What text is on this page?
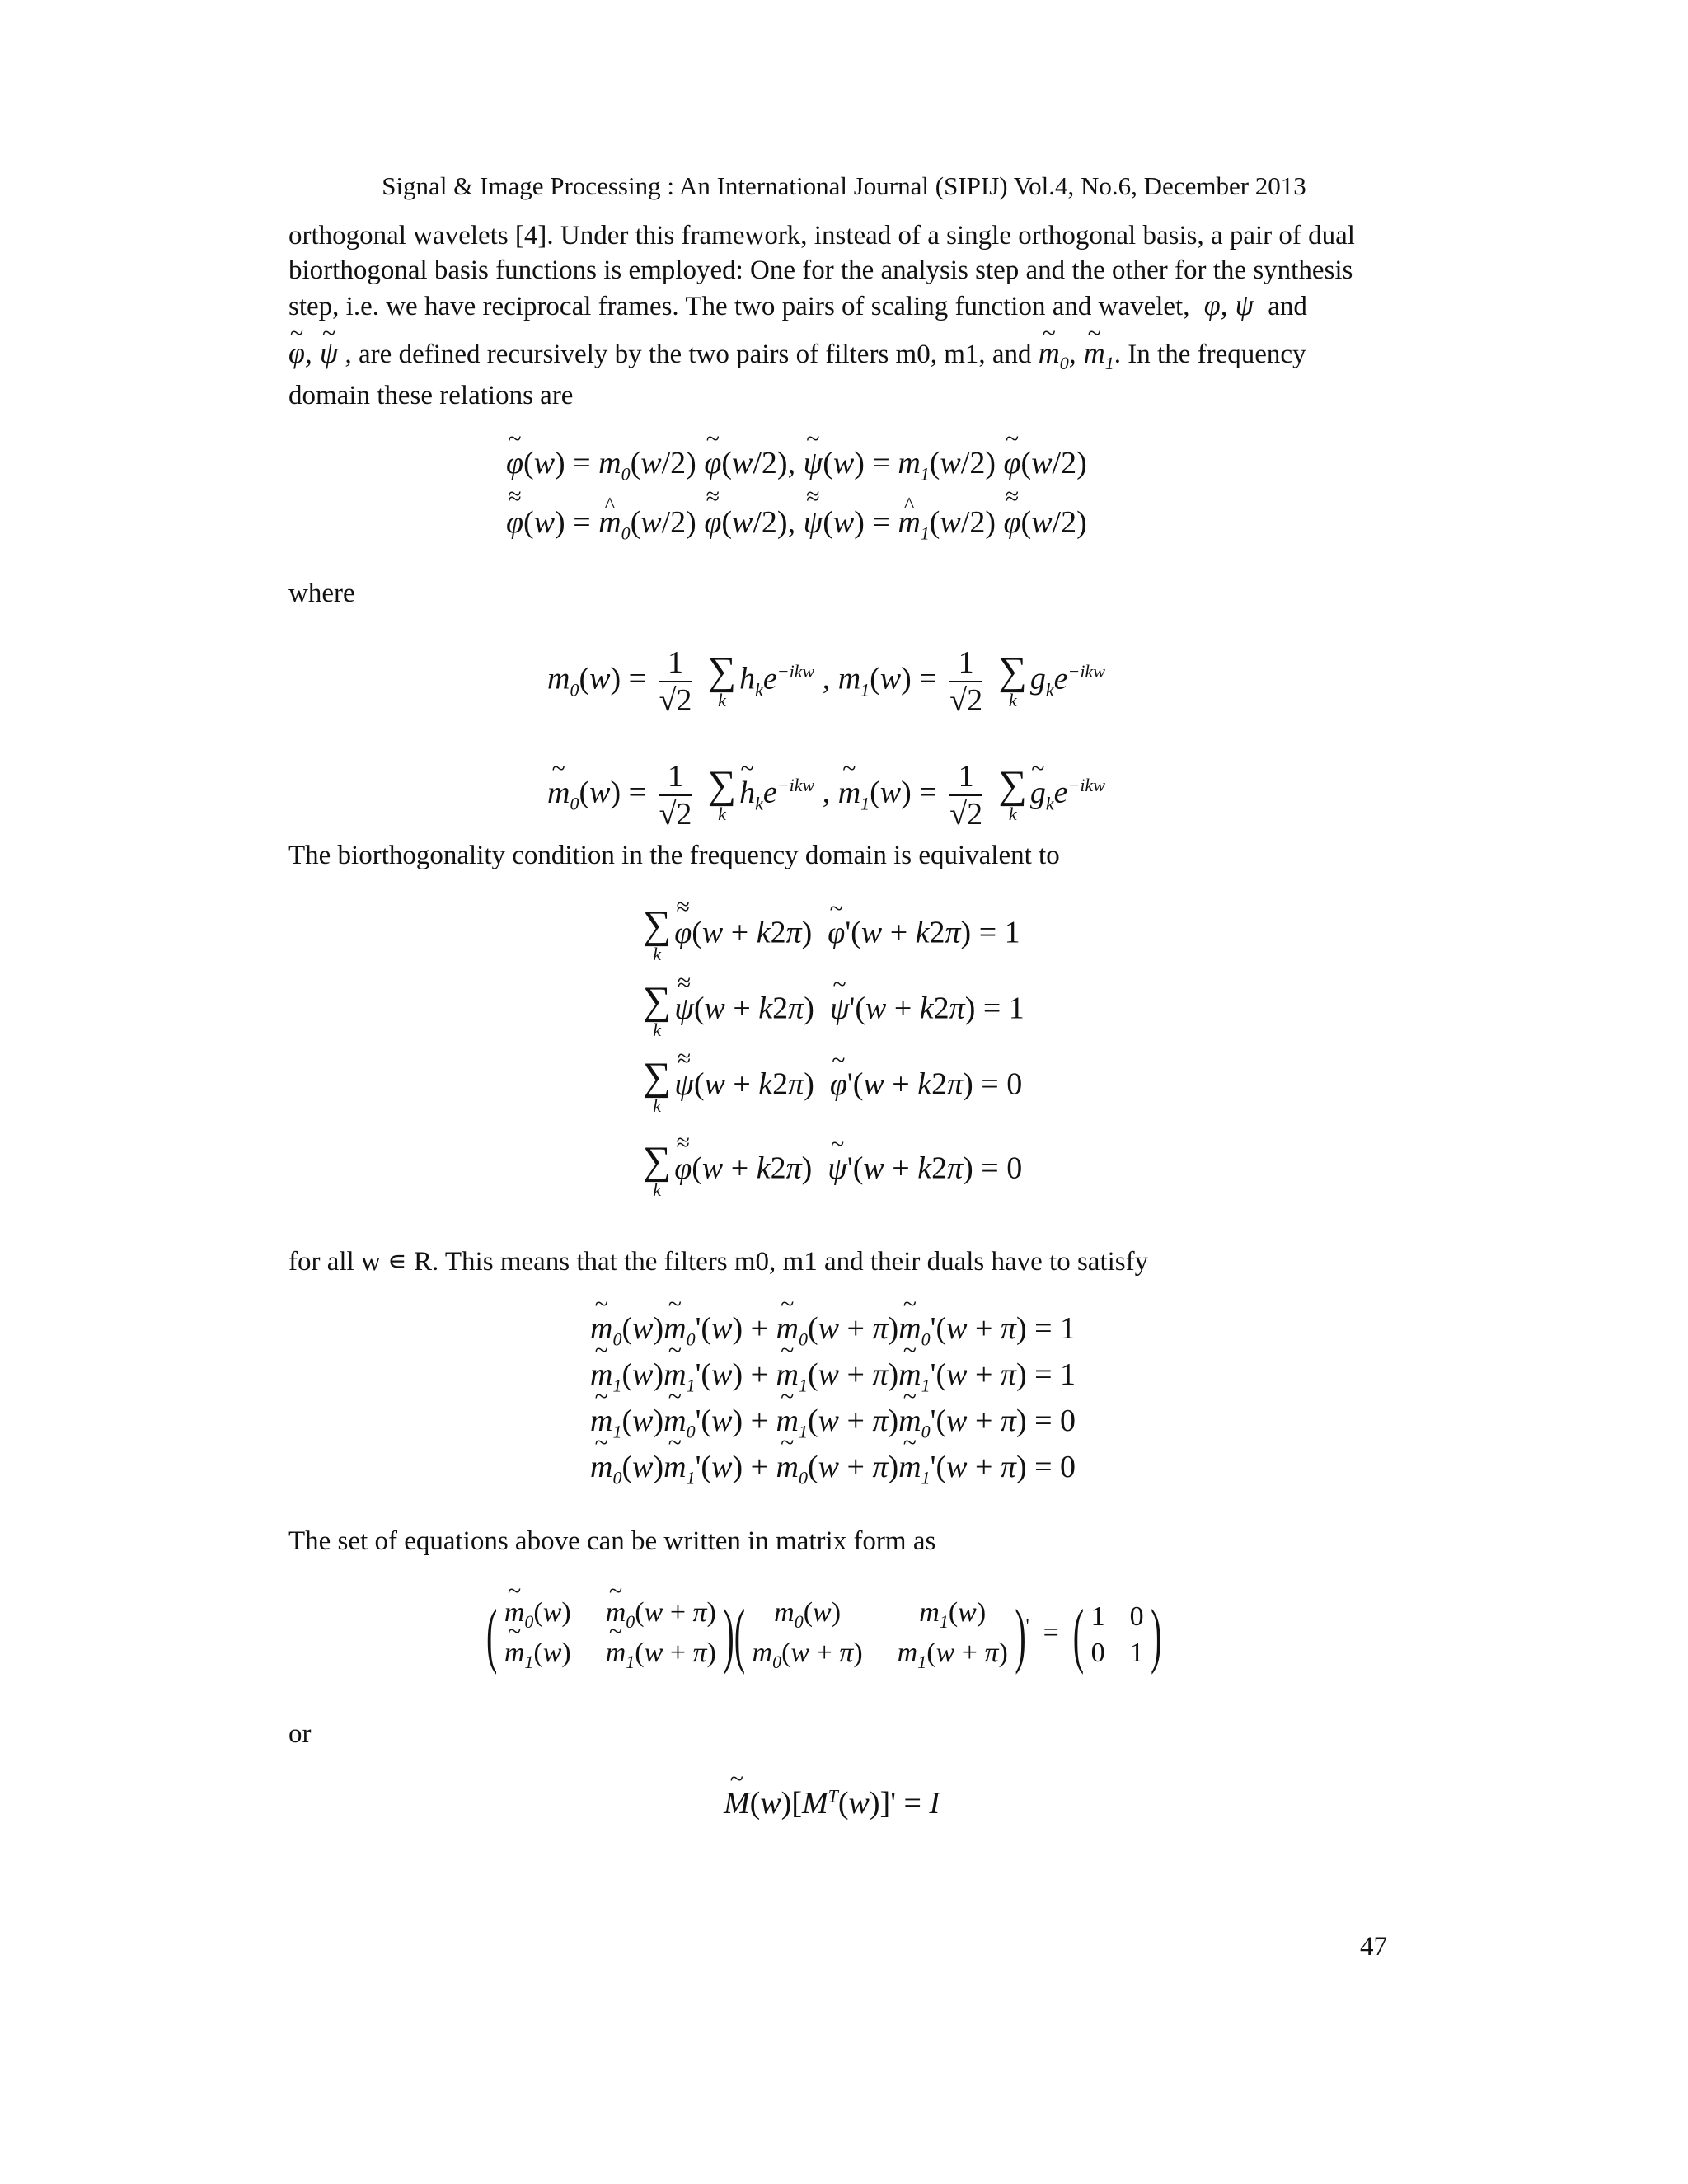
Signal & Image Processing : An International Journal (SIPIJ) Vol.4, No.6, December 2013
orthogonal wavelets [4]. Under this framework, instead of a single orthogonal basis, a pair of dual
biorthogonal basis functions is employed: One for the analysis step and the other for the synthesis
step, i.e. we have reciprocal frames. The two pairs of scaling function and wavelet,  φ, ψ  and
~ φ, ~ ψ , are defined recursively by the two pairs of filters m0, m1, and ~ $m_0$, ~ $m_1$. In the frequency
domain these relations are
~ $\varphi(w) = m_0(w/2)$ ~ φ(w/2), ~ $\psi(w) = m_1(w/2)$ ~ φ(w/2)
≈ φ(w) = ^ $m_0(w/2) \approx \varphi(w/2)$, ≈ ψ(w) = ^ $m_1(w/2) \approx \varphi(w/2)$
where
$m_0(w) = \frac{1}{√2}$
∑
k
$h_ke^{-ikw}$ , $m_1(w) = \frac{1}{√2}$
∑
k
$g_ke^{-ikw}$
~ $m_0(w) = \frac{1}{√2}$
∑
k
~ $h_ke^{-ikw}$ , ~ $m_1(w) = \frac{1}{√2}$
∑
k
~ $g_ke^{-ikw}$
The biorthogonality condition in the frequency domain is equivalent to
∑
k
≈ φ(w + k2π)  ~ φ'(w + k2π) = 1
∑
k
≈ ψ(w + k2π)  ~ ψ'(w + k2π) = 1
∑
k
≈ ψ(w + k2π)  ~ φ'(w + k2π) = 0
∑
k
≈ φ(w + k2π)  ~ ψ'(w + k2π) = 0
for all w ∊ R. This means that the filters m0, m1 and their duals have to satisfy
~ $m_0(w)\sim$ $m_0'(w)$ + ~ $m_0(w$ + π)~ $m_0'(w + \pi) = 1$
~ $m_1(w)\sim$ $m_1'(w)$ + ~ $m_1(w$ + π)~ $m_1'(w + \pi) = 1$
~ $m_1(w)\sim$ $m_0'(w)$ + ~ $m_1(w$ + π)~ $m_0'(w + \pi) = 0$
~ $m_0(w)\sim$ $m_1'(w)$ + ~ $m_0(w$ + π)~ $m_1'(w + \pi) = 0$
The set of equations above can be written in matrix form as
( ~ $m_0(w)$ ~ $m_0(w + \pi)$
~ $m_1(w)$ ~ $m_1(w + \pi)$ )(	$m_0(w)$	$m_1(w)$
$m_0(w + \pi) m_1(w + \pi) )'$  =  ( 1 0
0 1 )
or
~ $M(w)[M^T(w)]' = I$
47
